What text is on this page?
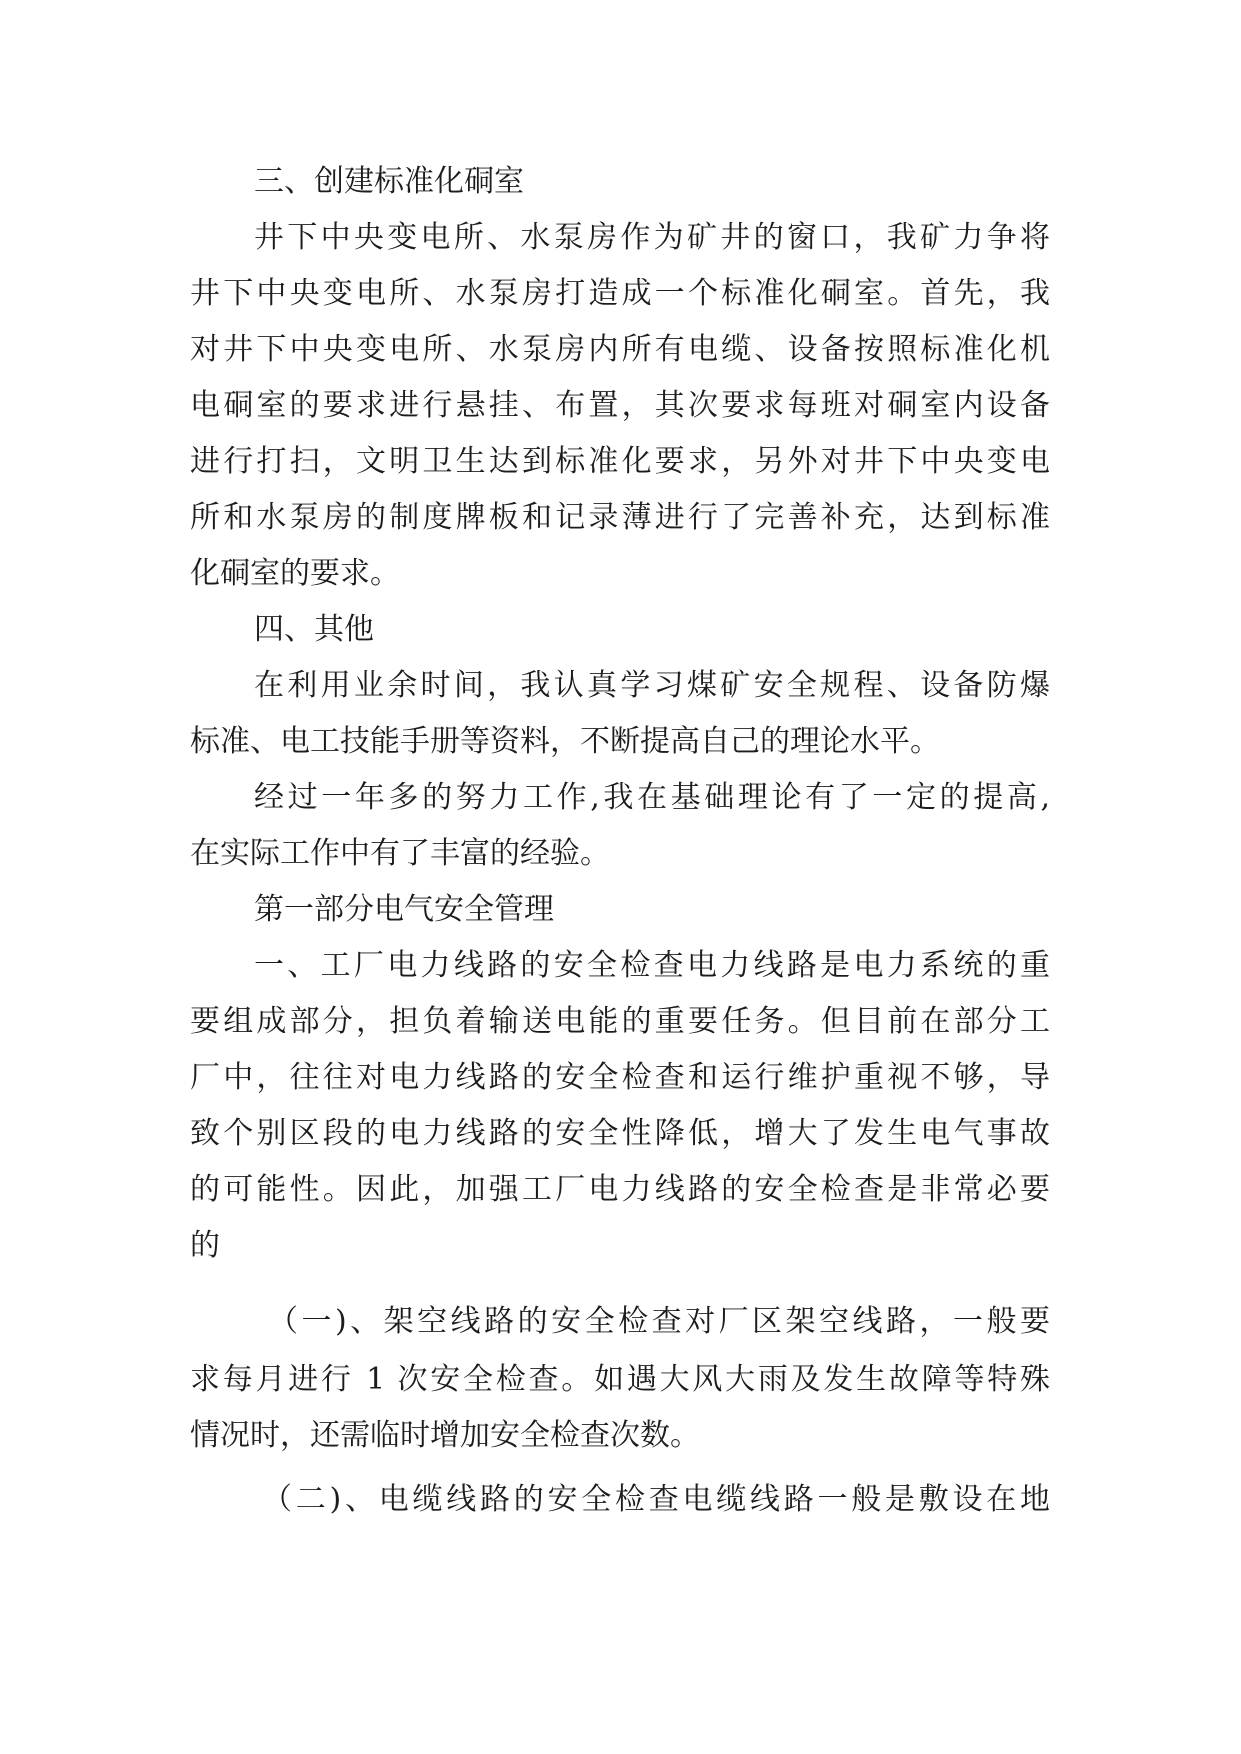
三、创建标准化硐室
井下中央变电所、水泵房作为矿井的窗口，我矿力争将
井下中央变电所、水泵房打造成一个标准化硐室。首先，我
对井下中央变电所、水泵房内所有电缆、设备按照标准化机
电硐室的要求进行悬挂、布置，其次要求每班对硐室内设备
进行打扫，文明卫生达到标准化要求，另外对井下中央变电
所和水泵房的制度牌板和记录薄进行了完善补充，达到标准
化硐室的要求。
四、其他
在利用业余时间，我认真学习煤矿安全规程、设备防爆
标准、电工技能手册等资料，不断提高自己的理论水平。
经过一年多的努力工作,我在基础理论有了一定的提高,
在实际工作中有了丰富的经验。
第一部分电气安全管理
一、工厂电力线路的安全检查电力线路是电力系统的重
要组成部分，担负着输送电能的重要任务。但目前在部分工
厂中，往往对电力线路的安全检查和运行维护重视不够，导
致个别区段的电力线路的安全性降低，增大了发生电气事故
的可能性。因此，加强工厂电力线路的安全检查是非常必要
的
（一)、架空线路的安全检查对厂区架空线路，一般要
求每月进行 1 次安全检查。如遇大风大雨及发生故障等特殊
情况时，还需临时增加安全检查次数。
（二)、电缆线路的安全检查电缆线路一般是敷设在地
